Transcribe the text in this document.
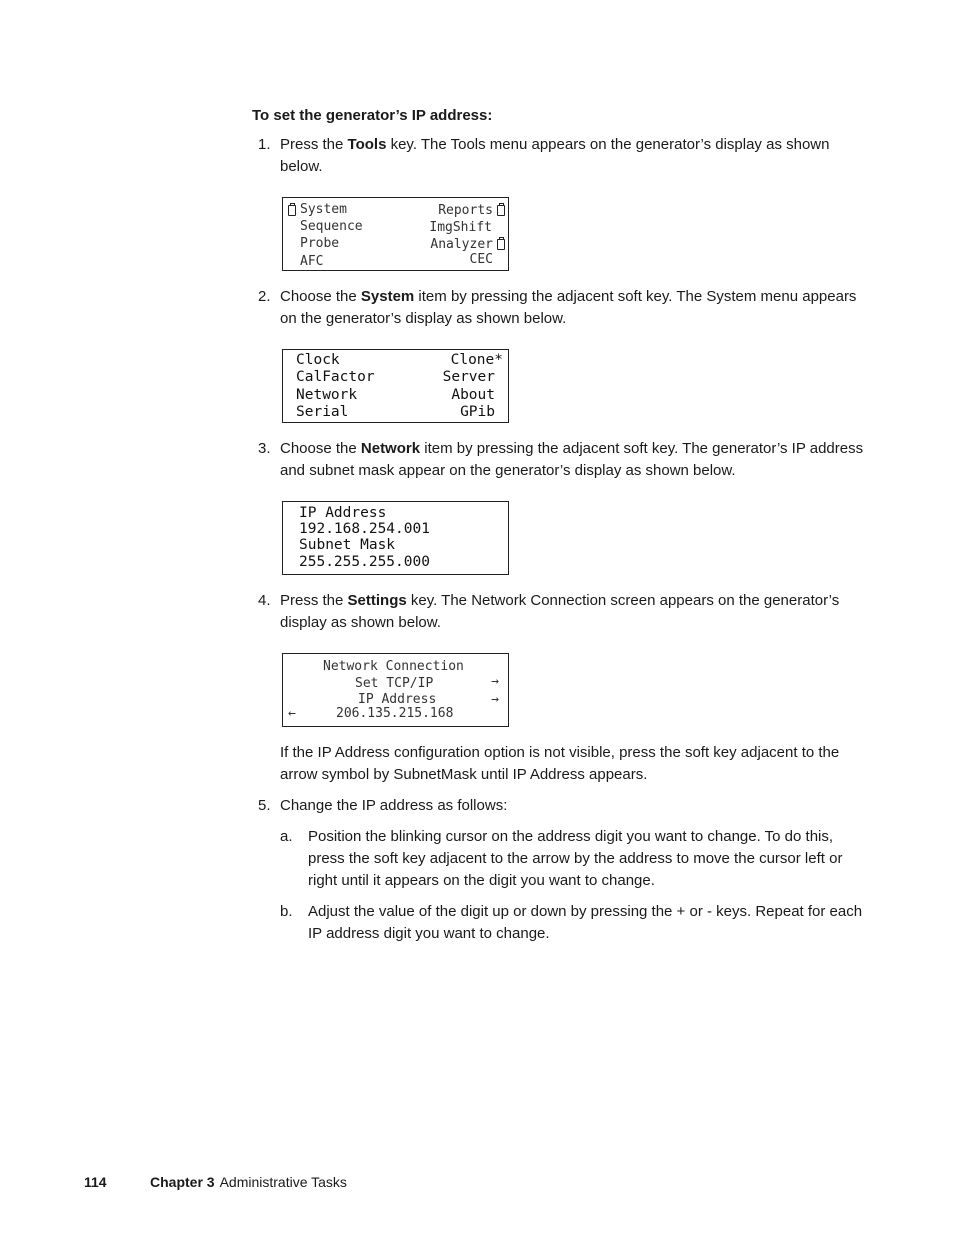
To set the generator’s IP address:
1. Press the Tools key. The Tools menu appears on the generator’s display as shown below.
System
Sequence
Probe
AFC
Reports
ImgShift
Analyzer
CEC
2. Choose the System item by pressing the adjacent soft key. The System menu appears on the generator’s display as shown below.
Clock
CalFactor
Network
Serial
Clone*
Server
About
GPib
3. Choose the Network item by pressing the adjacent soft key. The generator’s IP address and subnet mask appear on the generator’s display as shown below.
IP Address
192.168.254.001
Subnet Mask
255.255.255.000
4. Press the Settings key. The Network Connection screen appears on the generator’s display as shown below.
Network Connection
Set TCP/IP	→
IP Address	→
←	206.135.215.168
If the IP Address configuration option is not visible, press the soft key adjacent to the arrow symbol by SubnetMask until IP Address appears.
5. Change the IP address as follows:
a. Position the blinking cursor on the address digit you want to change. To do this, press the soft key adjacent to the arrow by the address to move the cursor left or right until it appears on the digit you want to change.
b. Adjust the value of the digit up or down by pressing the + or - keys. Repeat for each IP address digit you want to change.
114	Chapter 3 Administrative Tasks
